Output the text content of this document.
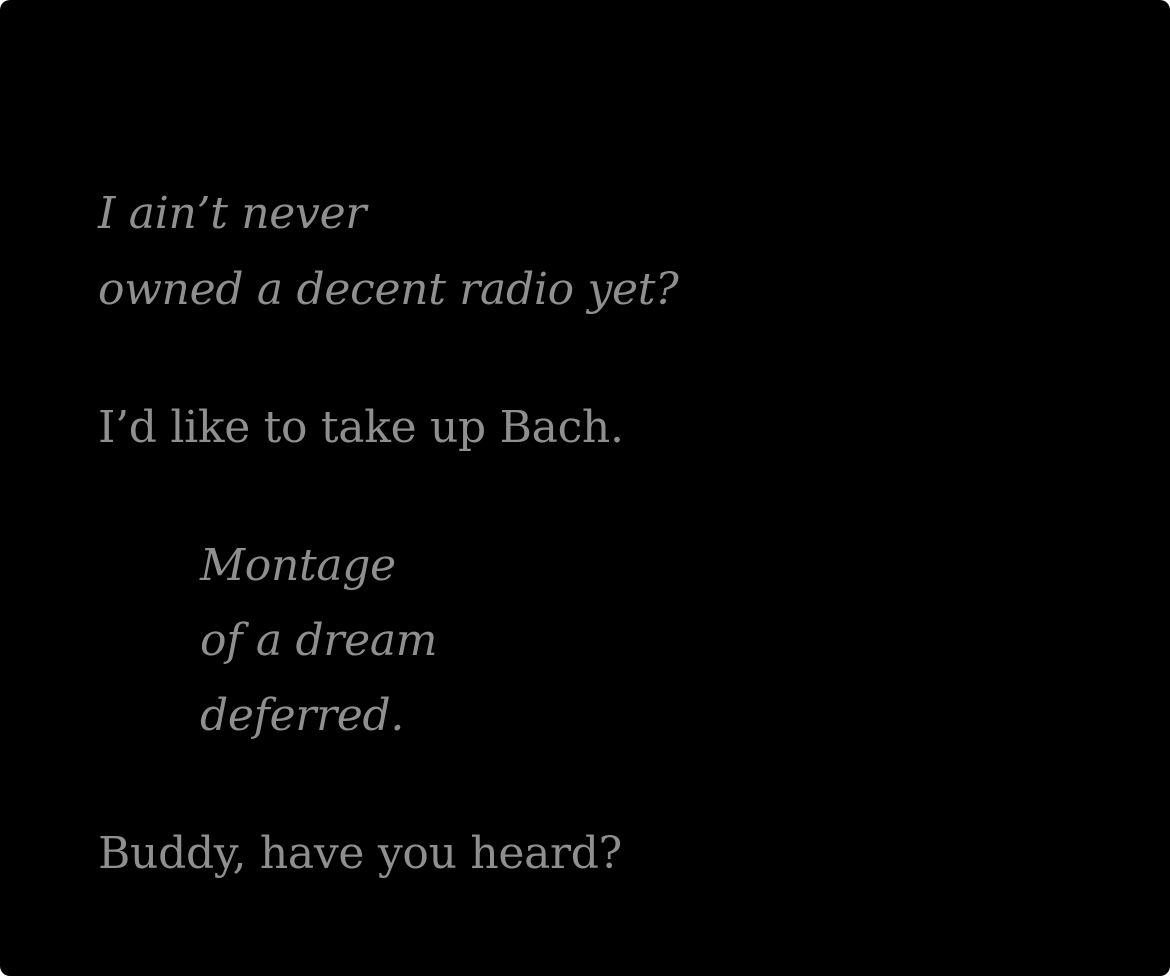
I ain’t never
owned a decent radio yet?
I’d like to take up Bach.
Montage
of a dream
deferred.
Buddy, have you heard?
